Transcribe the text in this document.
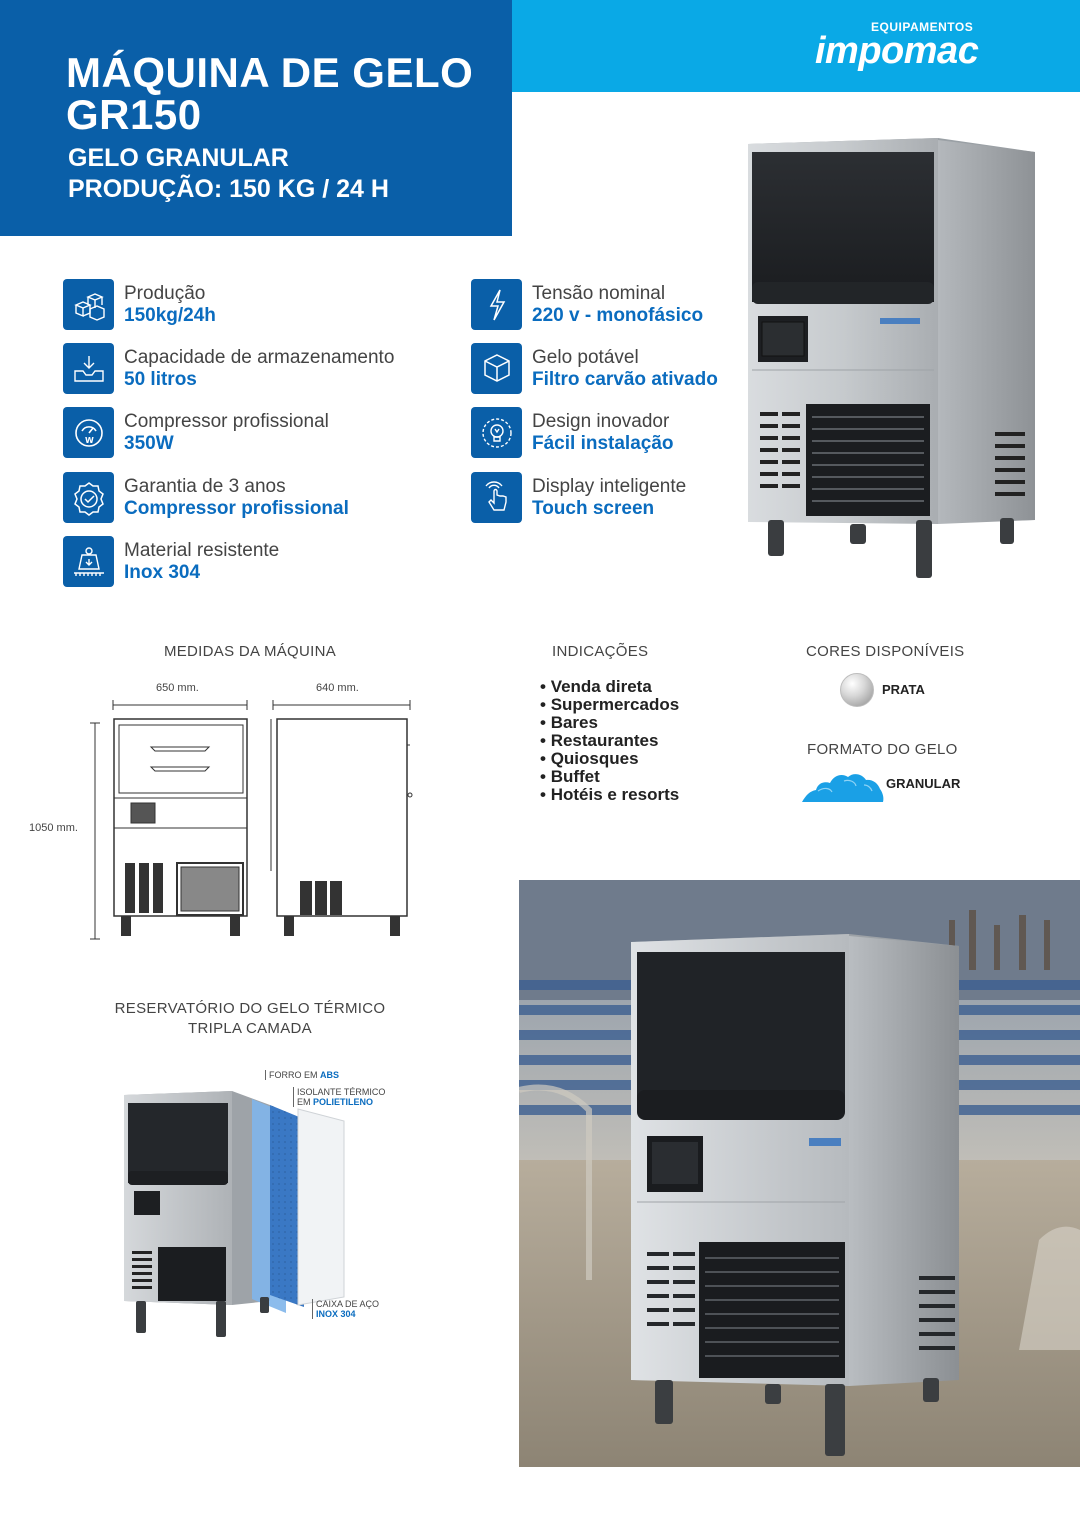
MÁQUINA DE GELO
GR150
GELO GRANULAR
PRODUÇÃO: 150 KG / 24 H
EQUIPAMENTOS
impomac
Produção
150kg/24h
Capacidade de armazenamento
50 litros
W
Compressor profissional
350W
Garantia de 3 anos
Compressor profissional
Material resistente
Inox 304
Tensão nominal
220 v - monofásico
Gelo potável
Filtro carvão ativado
Design inovador
Fácil instalação
Display inteligente
Touch screen
MEDIDAS DA MÁQUINA
650 mm.	640 mm.
1050 mm.
INDICAÇÕES
• Venda direta
• Supermercados
• Bares
• Restaurantes
• Quiosques
• Buffet
• Hotéis e resorts
CORES DISPONÍVEIS
PRATA
FORMATO DO GELO
GRANULAR
RESERVATÓRIO DO GELO TÉRMICO
TRIPLA CAMADA
FORRO EM ABS
ISOLANTE TÉRMICO
EM POLIETILENO
CAIXA DE AÇO
INOX 304
